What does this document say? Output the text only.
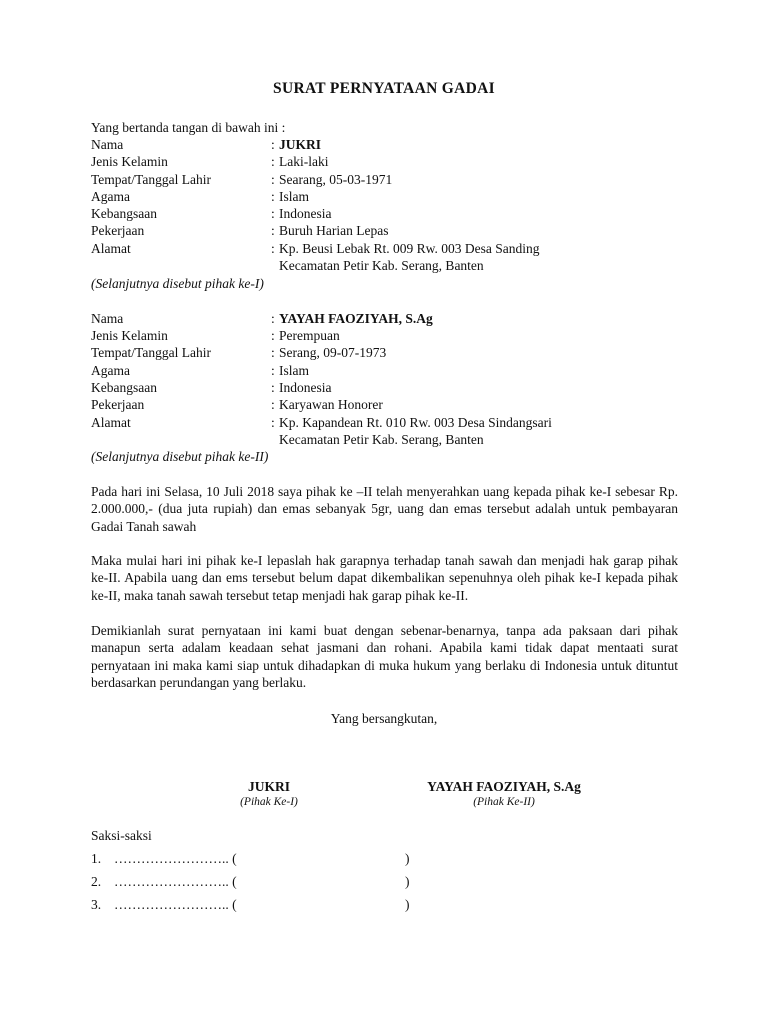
SURAT PERNYATAAN GADAI
Yang bertanda tangan di bawah ini :
Nama	: JUKRI
Jenis Kelamin	: Laki-laki
Tempat/Tanggal Lahir	: Searang, 05-03-1971
Agama	: Islam
Kebangsaan	: Indonesia
Pekerjaan	: Buruh Harian Lepas
Alamat	: Kp. Beusi Lebak Rt. 009 Rw. 003 Desa Sanding
Kecamatan Petir Kab. Serang, Banten
(Selanjutnya disebut pihak ke-I)
Nama	: YAYAH FAOZIYAH, S.Ag
Jenis Kelamin	: Perempuan
Tempat/Tanggal Lahir	: Serang, 09-07-1973
Agama	: Islam
Kebangsaan	: Indonesia
Pekerjaan	: Karyawan Honorer
Alamat	: Kp. Kapandean Rt. 010 Rw. 003 Desa Sindangsari
Kecamatan Petir Kab. Serang, Banten
(Selanjutnya disebut pihak ke-II)
Pada hari ini Selasa, 10 Juli 2018 saya pihak ke –II telah menyerahkan uang kepada pihak ke-I sebesar Rp. 2.000.000,- (dua juta rupiah) dan emas sebanyak 5gr, uang dan emas tersebut adalah untuk pembayaran Gadai Tanah sawah
Maka mulai hari ini pihak ke-I lepaslah hak garapnya terhadap tanah sawah dan menjadi hak garap pihak ke-II. Apabila uang dan ems tersebut belum dapat dikembalikan sepenuhnya oleh pihak ke-I kepada pihak ke-II, maka tanah sawah tersebut tetap menjadi hak garap pihak ke-II.
Demikianlah surat pernyataan ini kami buat dengan sebenar-benarnya, tanpa ada paksaan dari pihak manapun serta adalam keadaan sehat jasmani dan rohani. Apabila kami tidak dapat mentaati surat pernyataan ini maka kami siap untuk dihadapkan di muka hukum yang berlaku di Indonesia untuk dituntut berdasarkan perundangan yang berlaku.
Yang bersangkutan,
JUKRI
(Pihak Ke-I)
YAYAH FAOZIYAH, S.Ag
(Pihak Ke-II)
Saksi-saksi
1. …………………….. (	)
2. …………………….. (	)
3. …………………….. (	)
